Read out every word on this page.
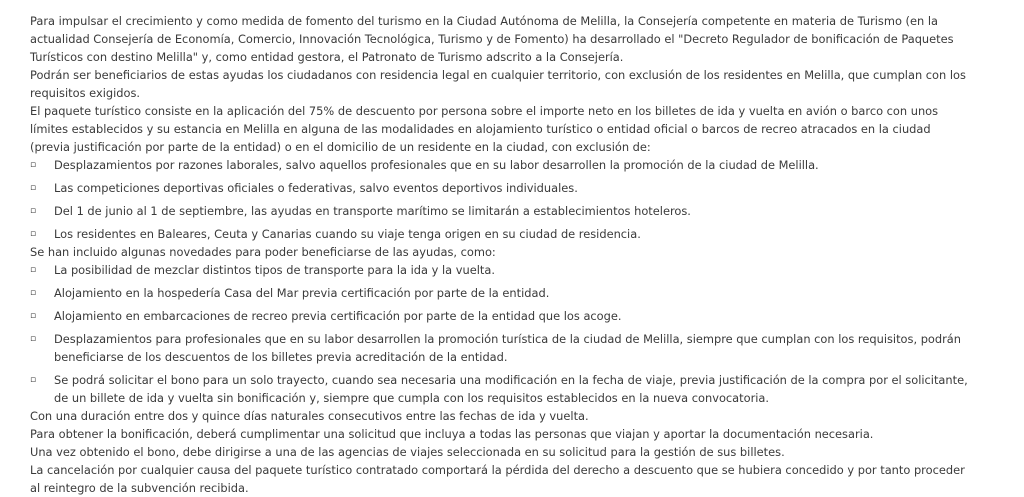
Para impulsar el crecimiento y como medida de fomento del turismo en la Ciudad Autónoma de Melilla, la Consejería competente en materia de Turismo (en la actualidad Consejería de Economía, Comercio, Innovación Tecnológica, Turismo y de Fomento) ha desarrollado el "Decreto Regulador de bonificación de Paquetes Turísticos con destino Melilla" y, como entidad gestora, el Patronato de Turismo adscrito a la Consejería.

Podrán ser beneficiarios de estas ayudas los ciudadanos con residencia legal en cualquier territorio, con exclusión de los residentes en Melilla, que cumplan con los requisitos exigidos.

El paquete turístico consiste en la aplicación del 75% de descuento por persona sobre el importe neto en los billetes de ida y vuelta en avión o barco con unos límites establecidos y su estancia en Melilla en alguna de las modalidades en alojamiento turístico o entidad oficial o barcos de recreo atracados en la ciudad (previa justificación por parte de la entidad) o en el domicilio de un residente en la ciudad, con exclusión de:

▫ Desplazamientos por razones laborales, salvo aquellos profesionales que en su labor desarrollen la promoción de la ciudad de Melilla.
▫ Las competiciones deportivas oficiales o federativas, salvo eventos deportivos individuales.
▫ Del 1 de junio al 1 de septiembre, las ayudas en transporte marítimo se limitarán a establecimientos hoteleros.
▫ Los residentes en Baleares, Ceuta y Canarias cuando su viaje tenga origen en su ciudad de residencia.

Se han incluido algunas novedades para poder beneficiarse de las ayudas, como:

▫ La posibilidad de mezclar distintos tipos de transporte para la ida y la vuelta.
▫ Alojamiento en la hospedería Casa del Mar previa certificación por parte de la entidad.
▫ Alojamiento en embarcaciones de recreo previa certificación por parte de la entidad que los acoge.
▫ Desplazamientos para profesionales que en su labor desarrollen la promoción turística de la ciudad de Melilla, siempre que cumplan con los requisitos, podrán beneficiarse de los descuentos de los billetes previa acreditación de la entidad.
▫ Se podrá solicitar el bono para un solo trayecto, cuando sea necesaria una modificación en la fecha de viaje, previa justificación de la compra por el solicitante, de un billete de ida y vuelta sin bonificación y, siempre que cumpla con los requisitos establecidos en la nueva convocatoria.

Con una duración entre dos y quince días naturales consecutivos entre las fechas de ida y vuelta.

Para obtener la bonificación, deberá cumplimentar una solicitud que incluya a todas las personas que viajan y aportar la documentación necesaria.

Una vez obtenido el bono, debe dirigirse a una de las agencias de viajes seleccionada en su solicitud para la gestión de sus billetes.

La cancelación por cualquier causa del paquete turístico contratado comportará la pérdida del derecho a descuento que se hubiera concedido y por tanto proceder al reintegro de la subvención recibida.
